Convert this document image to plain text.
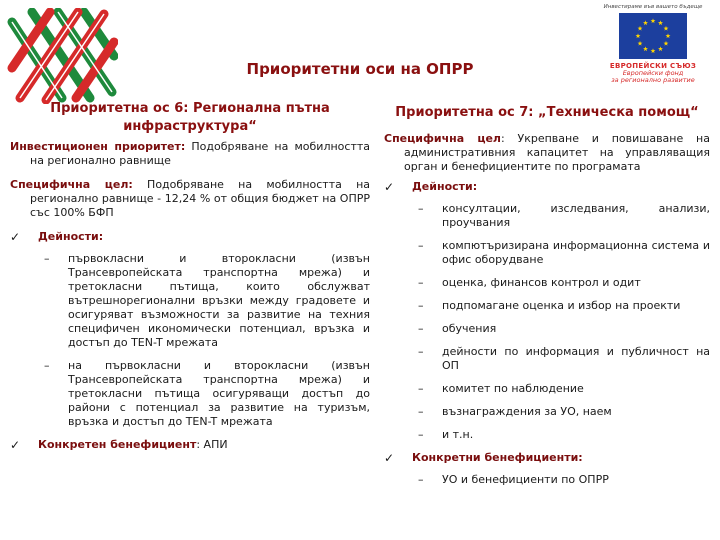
Инвестираме във вашето бъдеще
ЕВРОПЕЙСКИ СЪЮЗ
Европейски фонд
за регионално развитие
Приоритетни оси на ОПРР
Приоритетна ос 6: Регионална пътна инфраструктура“
Инвестиционен приоритет: Подобряване на мобилността на регионално равнище
Специфична цел: Подобряване на мобилността на регионално равнище - 12,24 % от общия бюджет на ОПРР със 100% БФП
✓	Дейности:
–	първокласни и второкласни (извън Трансевропейската транспортна мрежа) и третокласни пътища, които обслужват вътрешнорегионални връзки между градовете и осигуряват възможности за развитие на техния специфичен икономически потенциал, връзка и достъп до TEN-T мрежата
–	на първокласни и второкласни (извън Трансевропейската транспортна мрежа) и третокласни пътища осигуряващи достъп до райони с потенциал за развитие на туризъм, връзка и достъп до TEN-T мрежата
✓	Конкретен бенефициент: АПИ
Приоритетна ос 7: „Техническа помощ“
Специфична цел: Укрепване и повишаване на административния капацитет на управляващия орган и бенефициентите по програмата
✓	Дейности:
–	консултации, изследвания, анализи, проучвания
–	компютъризирана информационна система и офис оборудване
–	оценка, финансов контрол и одит
–	подпомагане оценка и избор на проекти
–	обучения
–	дейности по информация и публичност на ОП
–	комитет по наблюдение
–	възнаграждения за УО, наем
–	и т.н.
✓	Конкретни бенефициенти:
–	УО и бенефициенти по ОПРР
